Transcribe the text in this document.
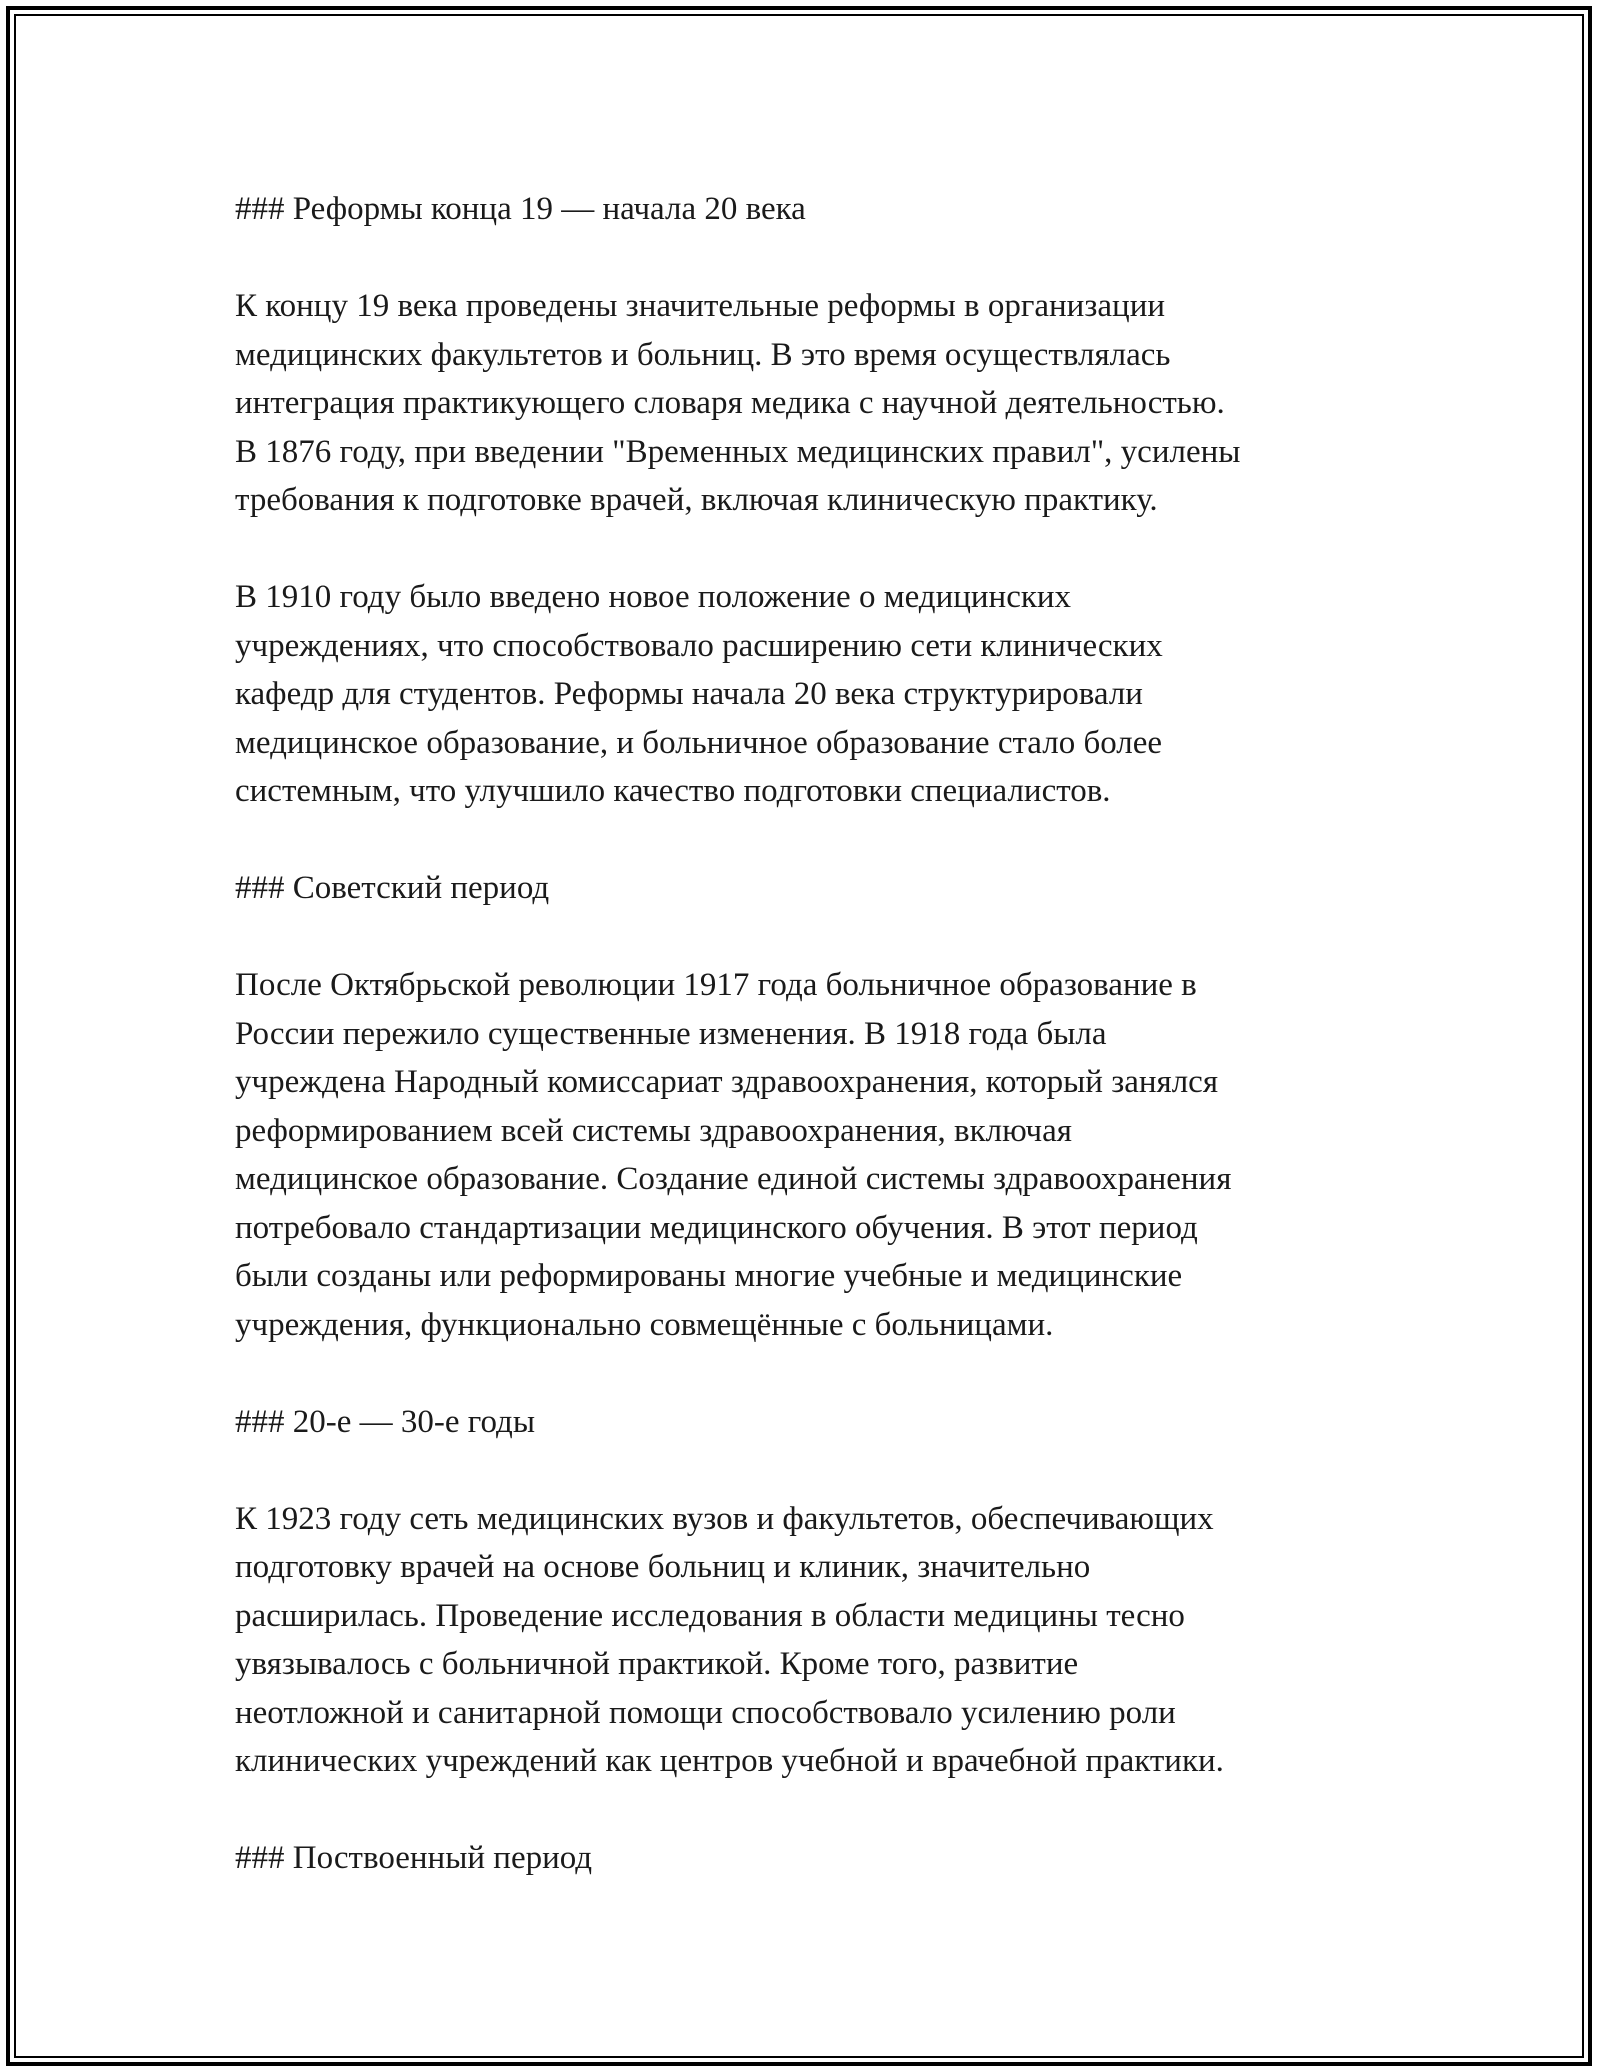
### Реформы конца 19 — начала 20 века

К концу 19 века проведены значительные реформы в организации
медицинских факультетов и больниц. В это время осуществлялась
интеграция практикующего словаря медика с научной деятельностью.
В 1876 году, при введении "Временных медицинских правил", усилены
требования к подготовке врачей, включая клиническую практику.

В 1910 году было введено новое положение о медицинских
учреждениях, что способствовало расширению сети клинических
кафедр для студентов. Реформы начала 20 века структурировали
медицинское образование, и больничное образование стало более
системным, что улучшило качество подготовки специалистов.

### Советский период

После Октябрьской революции 1917 года больничное образование в
России пережило существенные изменения. В 1918 года была
учреждена Народный комиссариат здравоохранения, который занялся
реформированием всей системы здравоохранения, включая
медицинское образование. Создание единой системы здравоохранения
потребовало стандартизации медицинского обучения. В этот период
были созданы или реформированы многие учебные и медицинские
учреждения, функционально совмещённые с больницами.

### 20-е — 30-е годы

К 1923 году сеть медицинских вузов и факультетов, обеспечивающих
подготовку врачей на основе больниц и клиник, значительно
расширилась. Проведение исследования в области медицины тесно
увязывалось с больничной практикой. Кроме того, развитие
неотложной и санитарной помощи способствовало усилению роли
клинических учреждений как центров учебной и врачебной практики.

### Поствоенный период
